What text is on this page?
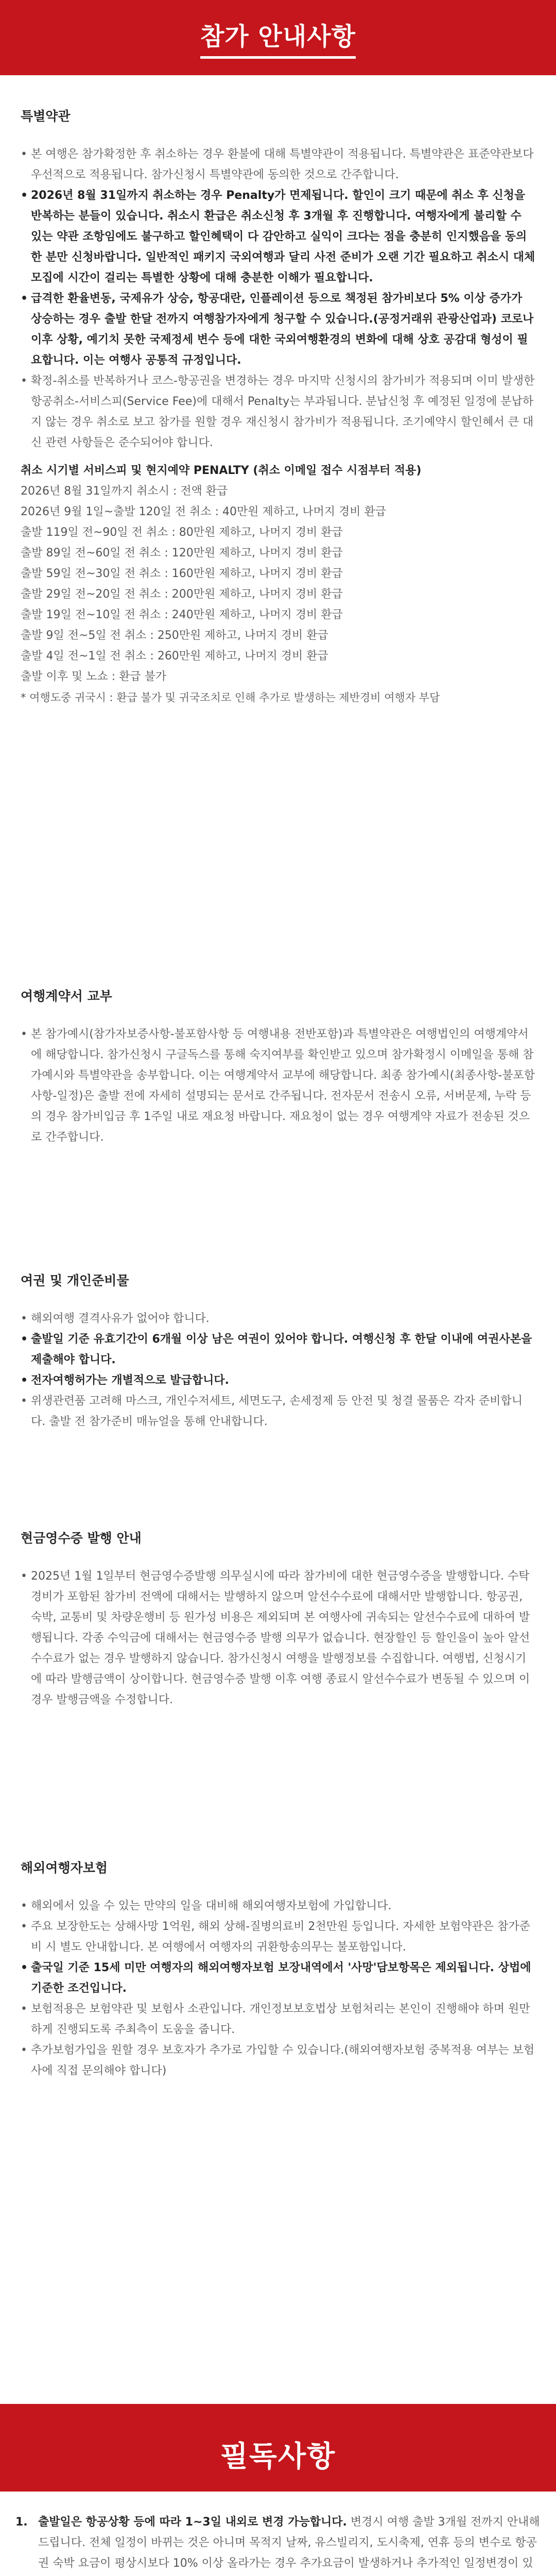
참가 안내사항
특별약관

• 본 여행은 참가확정한 후 취소하는 경우 환불에 대해 특별약관이 적용됩니다. 특별약관은 표준약관보다 우선적으로 적용됩니다. 참가신청시 특별약관에 동의한 것으로 간주합니다.

• 2026년 8월 31일까지 취소하는 경우 Penalty가 면제됩니다. 할인이 크기 때문에 취소 후 신청을 반복하는 분들이 있습니다. 취소시 환급은 취소신청 후 3개월 후 진행합니다. 여행자에게 불리할 수 있는 약관 조항임에도 불구하고 할인혜택이 다 감안하고 실익이 크다는 점을 충분히 인지했음을 동의한 분만 신청바랍니다. 일반적인 패키지 국외여행과 달리 사전 준비가 오랜 기간 필요하고 취소시 대체모집에 시간이 걸리는 특별한 상황에 대해 충분한 이해가 필요합니다.

• 급격한 환율변동, 국제유가 상승, 항공대란, 인플레이션 등으로 책정된 참가비보다 5% 이상 증가가 상승하는 경우 출발 한달 전까지 여행참가자에게 청구할 수 있습니다.(공정거래위 관광산업과) 코로나 이후 상황, 예기치 못한 국제정세 변수 등에 대한 국외여행환경의 변화에 대해 상호 공감대 형성이 필요합니다. 이는 여행사 공통적 규정입니다.

• 확정-취소를 반복하거나 코스-항공권을 변경하는 경우 마지막 신청시의 참가비가 적용되며 이미 발생한 항공취소-서비스피(Service Fee)에 대해서 Penalty는 부과됩니다. 분납신청 후 예정된 일정에 분납하지 않는 경우 취소로 보고 참가를 원할 경우 재신청시 참가비가 적용됩니다. 조기예약시 할인혜서 큰 대신 관련 사항들은 준수되어야 합니다.

취소 시기별 서비스피 및 현지예약 PENALTY (취소 이메일 접수 시점부터 적용)

2026년 8월 31일까지 취소시 : 전액 환급

2026년 9월 1일~출발 120일 전 취소 : 40만원 제하고, 나머지 경비 환급

출발 119일 전~90일 전 취소 : 80만원 제하고, 나머지 경비 환급

출발 89일 전~60일 전 취소 : 120만원 제하고, 나머지 경비 환급

출발 59일 전~30일 전 취소 : 160만원 제하고, 나머지 경비 환급

출발 29일 전~20일 전 취소 : 200만원 제하고, 나머지 경비 환급

출발 19일 전~10일 전 취소 : 240만원 제하고, 나머지 경비 환급

출발 9일 전~5일 전 취소 : 250만원 제하고, 나머지 경비 환급

출발 4일 전~1일 전 취소 : 260만원 제하고, 나머지 경비 환급

출발 이후 및 노쇼 : 환급 불가

* 여행도중 귀국시 : 환급 불가 및 귀국조치로 인해 추가로 발생하는 제반경비 여행자 부담

여행계약서 교부

• 본 참가예시(참가자보증사항-불포함사항 등 여행내용 전반포함)과 특별약관은 여행법인의 여행계약서에 해당합니다. 참가신청시 구글독스를 통해 숙지여부를 확인받고 있으며 참가확정시 이메일을 통해 참가예시와 특별약관을 송부합니다. 이는 여행계약서 교부에 해당합니다. 최종 참가예시(최종사항-불포함사항-일정)은 출발 전에 자세히 설명되는 문서로 간주됩니다. 전자문서 전송시 오류, 서버문제, 누락 등의 경우 참가비입금 후 1주일 내로 재요청 바랍니다. 재요청이 없는 경우 여행계약 자료가 전송된 것으로 간주합니다.

여권 및 개인준비물

• 해외여행 결격사유가 없어야 합니다.

• 출발일 기준 유효기간이 6개월 이상 남은 여권이 있어야 합니다. 여행신청 후 한달 이내에 여권사본을 제출해야 합니다.

• 전자여행허가는 개별적으로 발급합니다.

• 위생관련품 고려해 마스크, 개인수저세트, 세면도구, 손세정제 등 안전 및 청결 물품은 각자 준비합니다. 출발 전 참가준비 매뉴얼을 통해 안내합니다.

현금영수증 발행 안내

• 2025년 1월 1일부터 현금영수증발행 의무실시에 따라 참가비에 대한 현금영수증을 발행합니다. 수탁경비가 포함된 참가비 전액에 대해서는 발행하지 않으며 알선수수료에 대해서만 발행합니다. 항공권, 숙박, 교통비 및 차량운행비 등 원가성 비용은 제외되며 본 여행사에 귀속되는 알선수수료에 대하여 발행됩니다. 각종 수익금에 대해서는 현금영수증 발행 의무가 없습니다. 현장할인 등 할인을이 높아 알선수수료가 없는 경우 발행하지 않습니다. 참가신청시 여행을 발행정보를 수집합니다. 여행법, 신청시기에 따라 발행금액이 상이합니다. 현금영수증 발행 이후 여행 종료시 알선수수료가 변동될 수 있으며 이 경우 발행금액을 수정합니다.

해외여행자보험

• 해외에서 있을 수 있는 만약의 일을 대비해 해외여행자보험에 가입합니다.

• 주요 보장한도는 상해사망 1억원, 해외 상해-질병의료비 2천만원 등입니다. 자세한 보험약관은 참가준비 시 별도 안내합니다. 본 여행에서 여행자의 귀환항송의무는 불포함입니다.

• 출국일 기준 15세 미만 여행자의 해외여행자보험 보장내역에서 '사망'담보항목은 제외됩니다. 상법에 기준한 조건입니다.

• 보험적용은 보험약관 및 보험사 소관입니다. 개인정보보호법상 보험처리는 본인이 진행해야 하며 원만하게 진행되도록 주최측이 도움을 줍니다.

• 추가보험가입을 원할 경우 보호자가 추가로 가입할 수 있습니다.(해외여행자보험 중복적용 여부는 보험사에 직접 문의해야 합니다)

필독사항
1. 출발일은 항공상황 등에 따라 1~3일 내외로 변경 가능합니다. 변경시 여행 출발 3개월 전까지 안내해 드립니다. 전체 일정이 바뀌는 것은 아니며 목적지 날짜, 유스빌리지, 도시축제, 연휴 등의 변수로 항공권 숙박 요금이 평상시보다 10% 이상 올라가는 경우 추가요금이 발생하거나 추가적인 일정변경이 있
